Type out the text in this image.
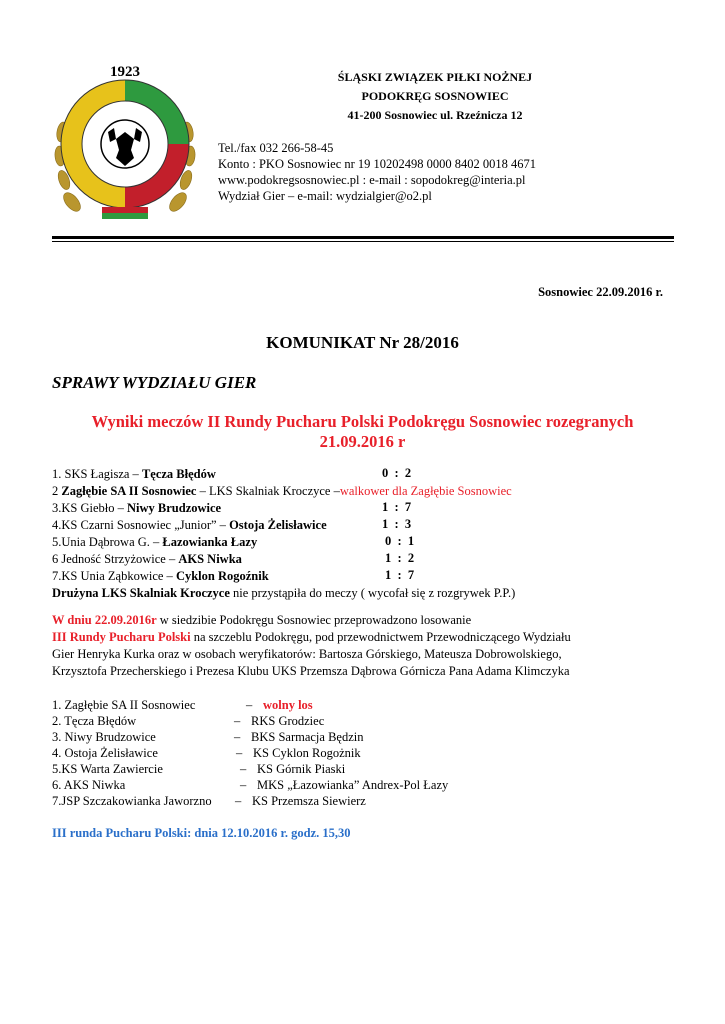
1923	ŚLĄSKI ZWIĄZEK PIŁKI NOŻNEJ
PODOKRĘG SOSNOWIEC
41-200 Sosnowiec ul. Rzeźnicza 12
Tel./fax 032 266-58-45
Konto : PKO Sosnowiec nr 19 10202498 0000 8402 0018 4671
www.podokregsosnowiec.pl : e-mail : sopodokreg@interia.pl
Wydział Gier – e-mail: wydzialgier@o2.pl
Sosnowiec 22.09.2016 r.
KOMUNIKAT Nr 28/2016
SPRAWY WYDZIAŁU GIER
Wyniki meczów II Rundy Pucharu Polski Podokręgu Sosnowiec rozegranych
21.09.2016 r
1. SKS Łagisza – Tęcza Błędów	0  :  2
2 Zagłębie SA II Sosnowiec – LKS Skalniak Kroczyce –walkower dla Zagłębie Sosnowiec
3.KS Giebło – Niwy Brudzowice	1  :  7
4.KS Czarni Sosnowiec „Junior” – Ostoja Żelisławice	1  :  3
5.Unia Dąbrowa G. – Łazowianka Łazy	0  :  1
6 Jedność Strzyżowice – AKS Niwka	1  :  2
7.KS Unia Ząbkowice – Cyklon Rogoźnik	1  :  7
Drużyna LKS Skalniak Kroczyce nie przystąpiła do meczy ( wycofał się z rozgrywek P.P.)
W dniu 22.09.2016r w siedzibie Podokręgu Sosnowiec przeprowadzono losowanie
III Rundy Pucharu Polski na szczeblu Podokręgu, pod przewodnictwem Przewodniczącego Wydziału
Gier Henryka Kurka oraz w osobach weryfikatorów: Bartosza Górskiego, Mateusza Dobrowolskiego,
Krzysztofa Przecherskiego i Prezesa Klubu UKS Przemsza Dąbrowa Górnicza Pana Adama Klimczyka
1. Zagłębie SA II Sosnowiec	– wolny los
2. Tęcza Błędów	– RKS Grodziec
3. Niwy Brudzowice	– BKS Sarmacja Będzin
4. Ostoja Żelisławice	– KS Cyklon Rogożnik
5.KS Warta Zawiercie	– KS Górnik Piaski
6. AKS Niwka	– MKS „Łazowianka” Andrex-Pol Łazy
7.JSP Szczakowianka Jaworzno – KS Przemsza Siewierz
III runda Pucharu Polski: dnia 12.10.2016 r. godz. 15,30
